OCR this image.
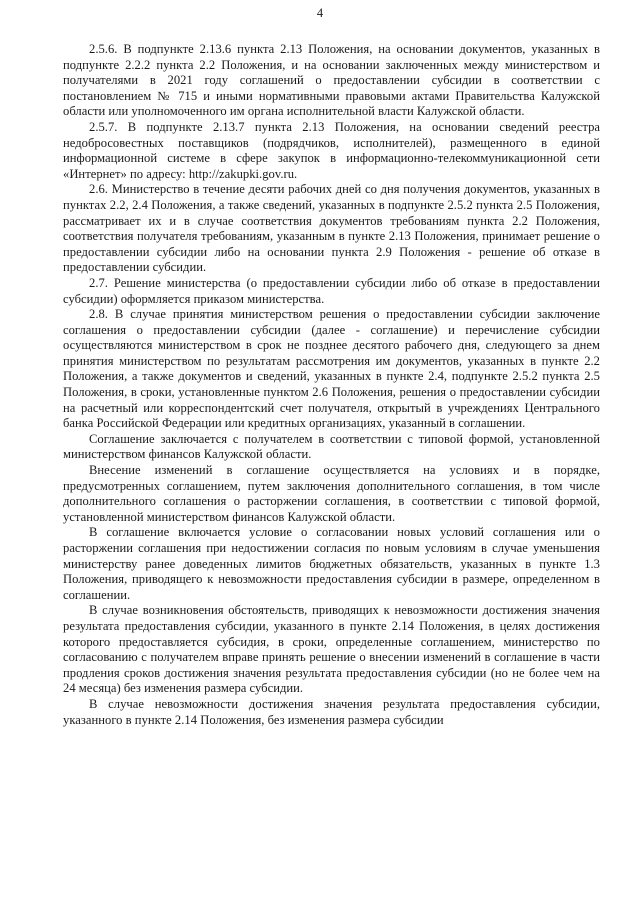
4

2.5.6. В подпункте 2.13.6 пункта 2.13 Положения, на основании документов, указанных в подпункте 2.2.2 пункта 2.2 Положения, и на основании заключенных между министерством и получателями в 2021 году соглашений о предоставлении субсидии в соответствии с постановлением № 715 и иными нормативными правовыми актами Правительства Калужской области или уполномоченного им органа исполнительной власти Калужской области.

2.5.7. В подпункте 2.13.7 пункта 2.13 Положения, на основании сведений реестра недобросовестных поставщиков (подрядчиков, исполнителей), размещенного в единой информационной системе в сфере закупок в информационно-телекоммуникационной сети «Интернет» по адресу: http://zakupki.gov.ru.

2.6. Министерство в течение десяти рабочих дней со дня получения документов, указанных в пунктах 2.2, 2.4 Положения, а также сведений, указанных в подпункте 2.5.2 пункта 2.5 Положения, рассматривает их и в случае соответствия документов требованиям пункта 2.2 Положения, соответствия получателя требованиям, указанным в пункте 2.13 Положения, принимает решение о предоставлении субсидии либо на основании пункта 2.9 Положения - решение об отказе в предоставлении субсидии.

2.7. Решение министерства (о предоставлении субсидии либо об отказе в предоставлении субсидии) оформляется приказом министерства.

2.8. В случае принятия министерством решения о предоставлении субсидии заключение соглашения о предоставлении субсидии (далее - соглашение) и перечисление субсидии осуществляются министерством в срок не позднее десятого рабочего дня, следующего за днем принятия министерством по результатам рассмотрения им документов, указанных в пункте 2.2 Положения, а также документов и сведений, указанных в пункте 2.4, подпункте 2.5.2 пункта 2.5 Положения, в сроки, установленные пунктом 2.6 Положения, решения о предоставлении субсидии на расчетный или корреспондентский счет получателя, открытый в учреждениях Центрального банка Российской Федерации или кредитных организациях, указанный в соглашении.

Соглашение заключается с получателем в соответствии с типовой формой, установленной министерством финансов Калужской области.

Внесение изменений в соглашение осуществляется на условиях и в порядке, предусмотренных соглашением, путем заключения дополнительного соглашения, в том числе дополнительного соглашения о расторжении соглашения, в соответствии с типовой формой, установленной министерством финансов Калужской области.

В соглашение включается условие о согласовании новых условий соглашения или о расторжении соглашения при недостижении согласия по новым условиям в случае уменьшения министерству ранее доведенных лимитов бюджетных обязательств, указанных в пункте 1.3 Положения, приводящего к невозможности предоставления субсидии в размере, определенном в соглашении.

В случае возникновения обстоятельств, приводящих к невозможности достижения значения результата предоставления субсидии, указанного в пункте 2.14 Положения, в целях достижения которого предоставляется субсидия, в сроки, определенные соглашением, министерство по согласованию с получателем вправе принять решение о внесении изменений в соглашение в части продления сроков достижения значения результата предоставления субсидии (но не более чем на 24 месяца) без изменения размера субсидии.

В случае невозможности достижения значения результата предоставления субсидии, указанного в пункте 2.14 Положения, без изменения размера субсидии
